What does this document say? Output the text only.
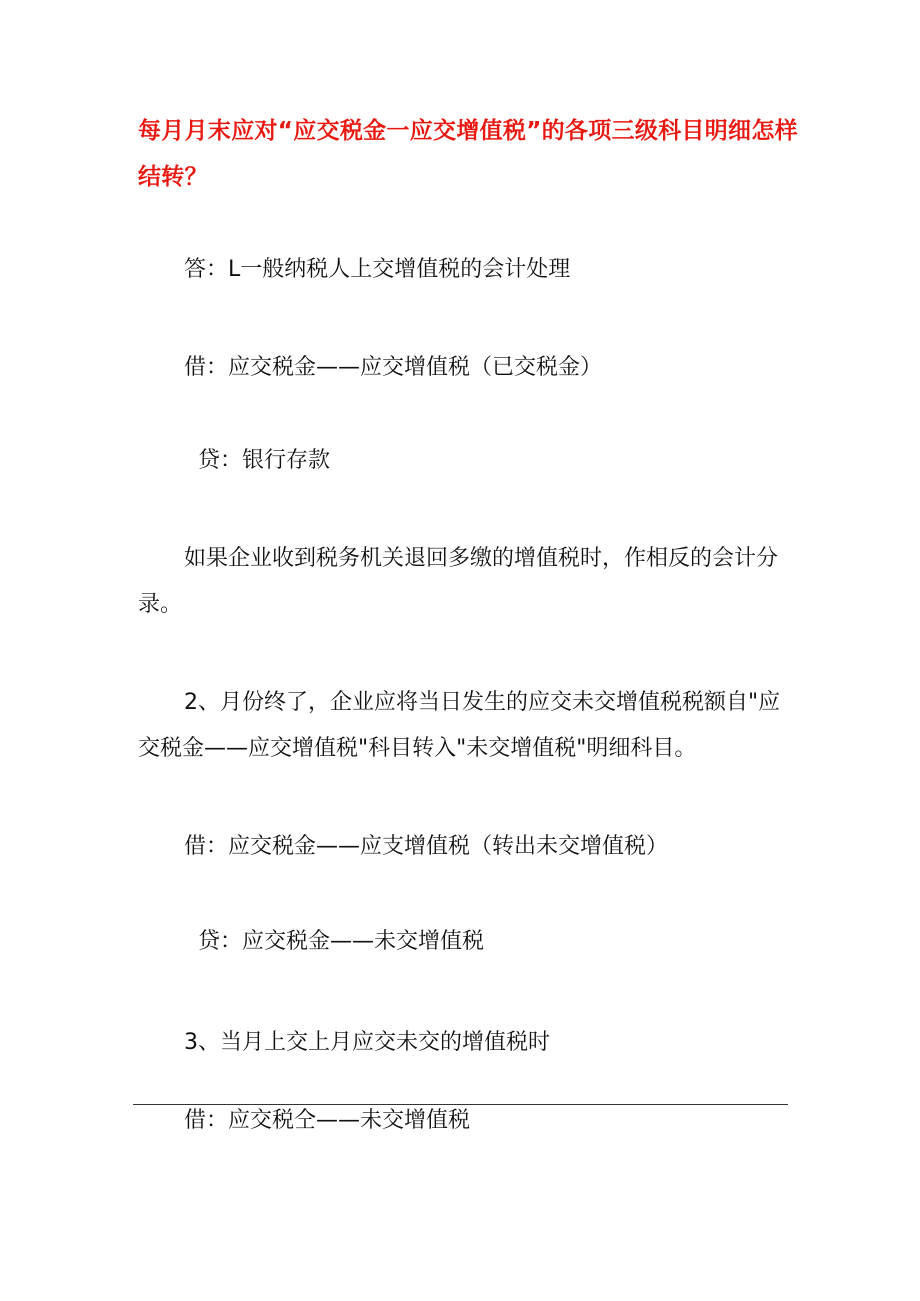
每月月末应对“应交税金一应交增值税”的各项三级科目明细怎样结转？
答：L一般纳税人上交增值税的会计处理
借：应交税金——应交增值税（已交税金）
贷：银行存款
如果企业收到税务机关退回多缴的增值税时，作相反的会计分录。
2、月份终了，企业应将当日发生的应交未交增值税税额自"应交税金——应交增值税"科目转入"未交增值税"明细科目。
借：应交税金——应支增值税（转出未交增值税）
贷：应交税金——未交增值税
3、当月上交上月应交未交的增值税时
借：应交税仝——未交增值税
